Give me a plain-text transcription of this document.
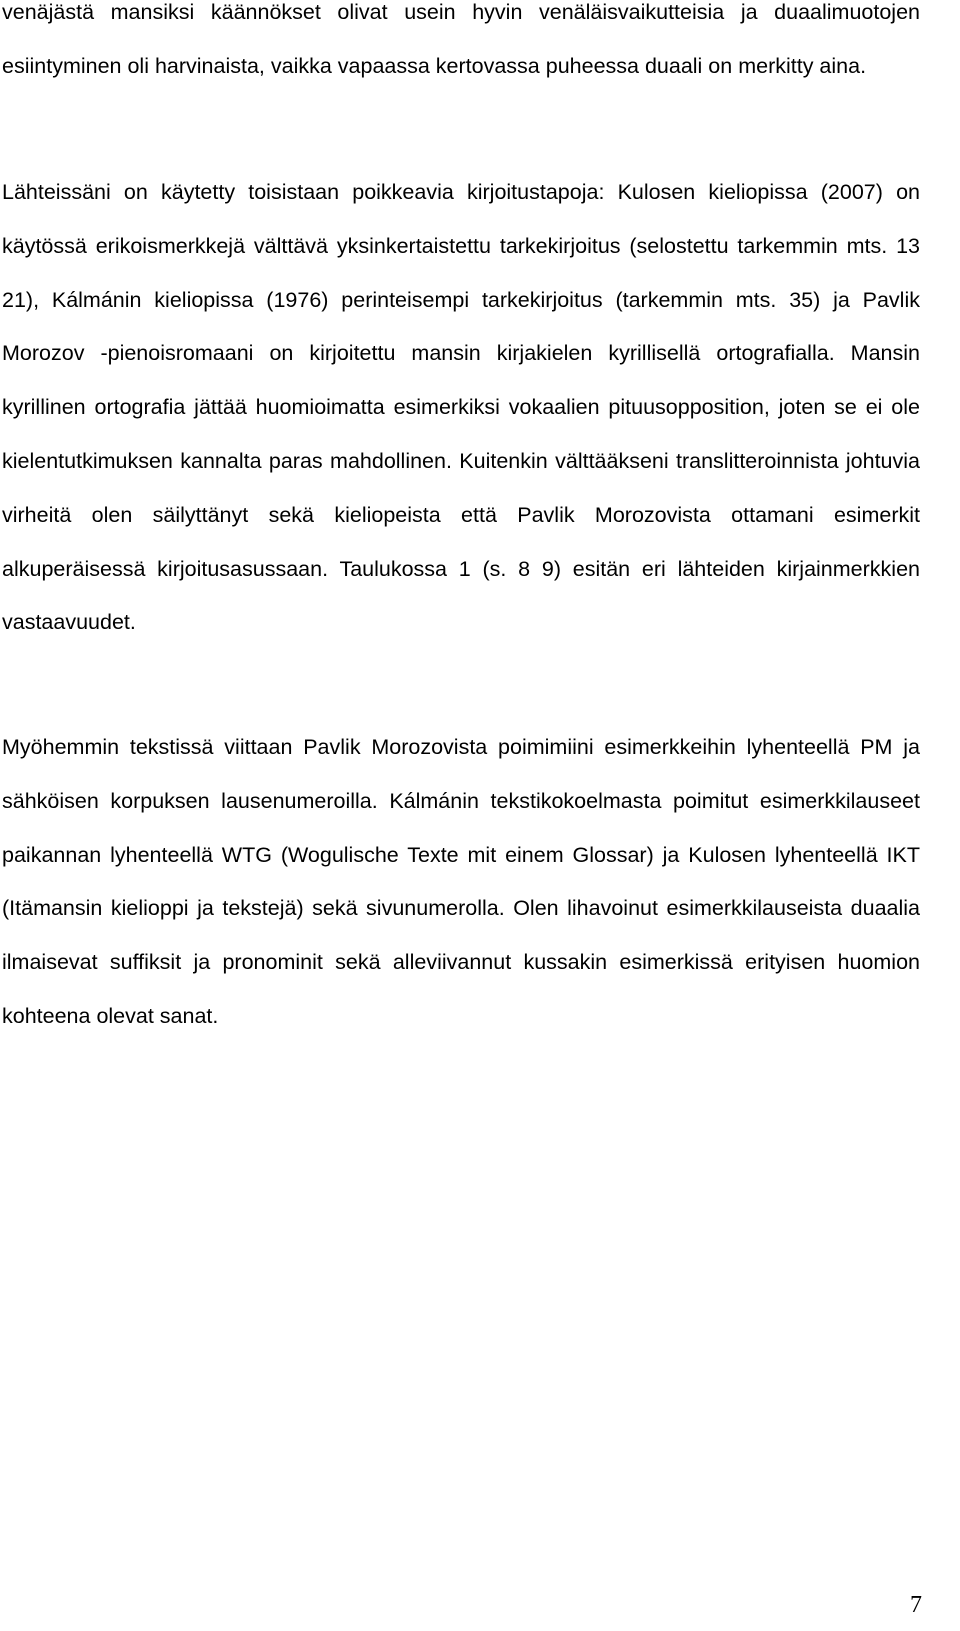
venäjästä mansiksi käännökset olivat usein hyvin venäläisvaikutteisia ja duaalimuotojen esiintyminen oli harvinaista, vaikka vapaassa kertovassa puheessa duaali on merkitty aina.

Lähteissäni on käytetty toisistaan poikkeavia kirjoitustapoja: Kulosen kieliopissa (2007) on käytössä erikoismerkkejä välttävä yksinkertaistettu tarkekirjoitus (selostettu tarkemmin mts. 13 21), Kálmánin kieliopissa (1976) perinteisempi tarkekirjoitus (tarkemmin mts. 35) ja Pavlik Morozov -pienoisromaani on kirjoitettu mansin kirjakielen kyrillisellä ortografialla. Mansin kyrillinen ortografia jättää huomioimatta esimerkiksi vokaalien pituusopposition, joten se ei ole kielentutkimuksen kannalta paras mahdollinen. Kuitenkin välttääkseni translitteroinnista johtuvia virheitä olen säilyttänyt sekä kieliopeista että Pavlik Morozovista ottamani esimerkit alkuperäisessä kirjoitusasussaan. Taulukossa 1 (s. 8 9) esitän eri lähteiden kirjainmerkkien vastaavuudet.

Myöhemmin tekstissä viittaan Pavlik Morozovista poimimiini esimerkkeihin lyhenteellä PM ja sähköisen korpuksen lausenumeroilla. Kálmánin tekstikokoelmasta poimitut esimerkkilauseet paikannan lyhenteellä WTG (Wogulische Texte mit einem Glossar) ja Kulosen lyhenteellä IKT (Itämansin kielioppi ja tekstejä) sekä sivunumerolla. Olen lihavoinut esimerkkilauseista duaalia ilmaisevat suffiksit ja pronominit sekä alleviivannut kussakin esimerkissä erityisen huomion kohteena olevat sanat.

7
